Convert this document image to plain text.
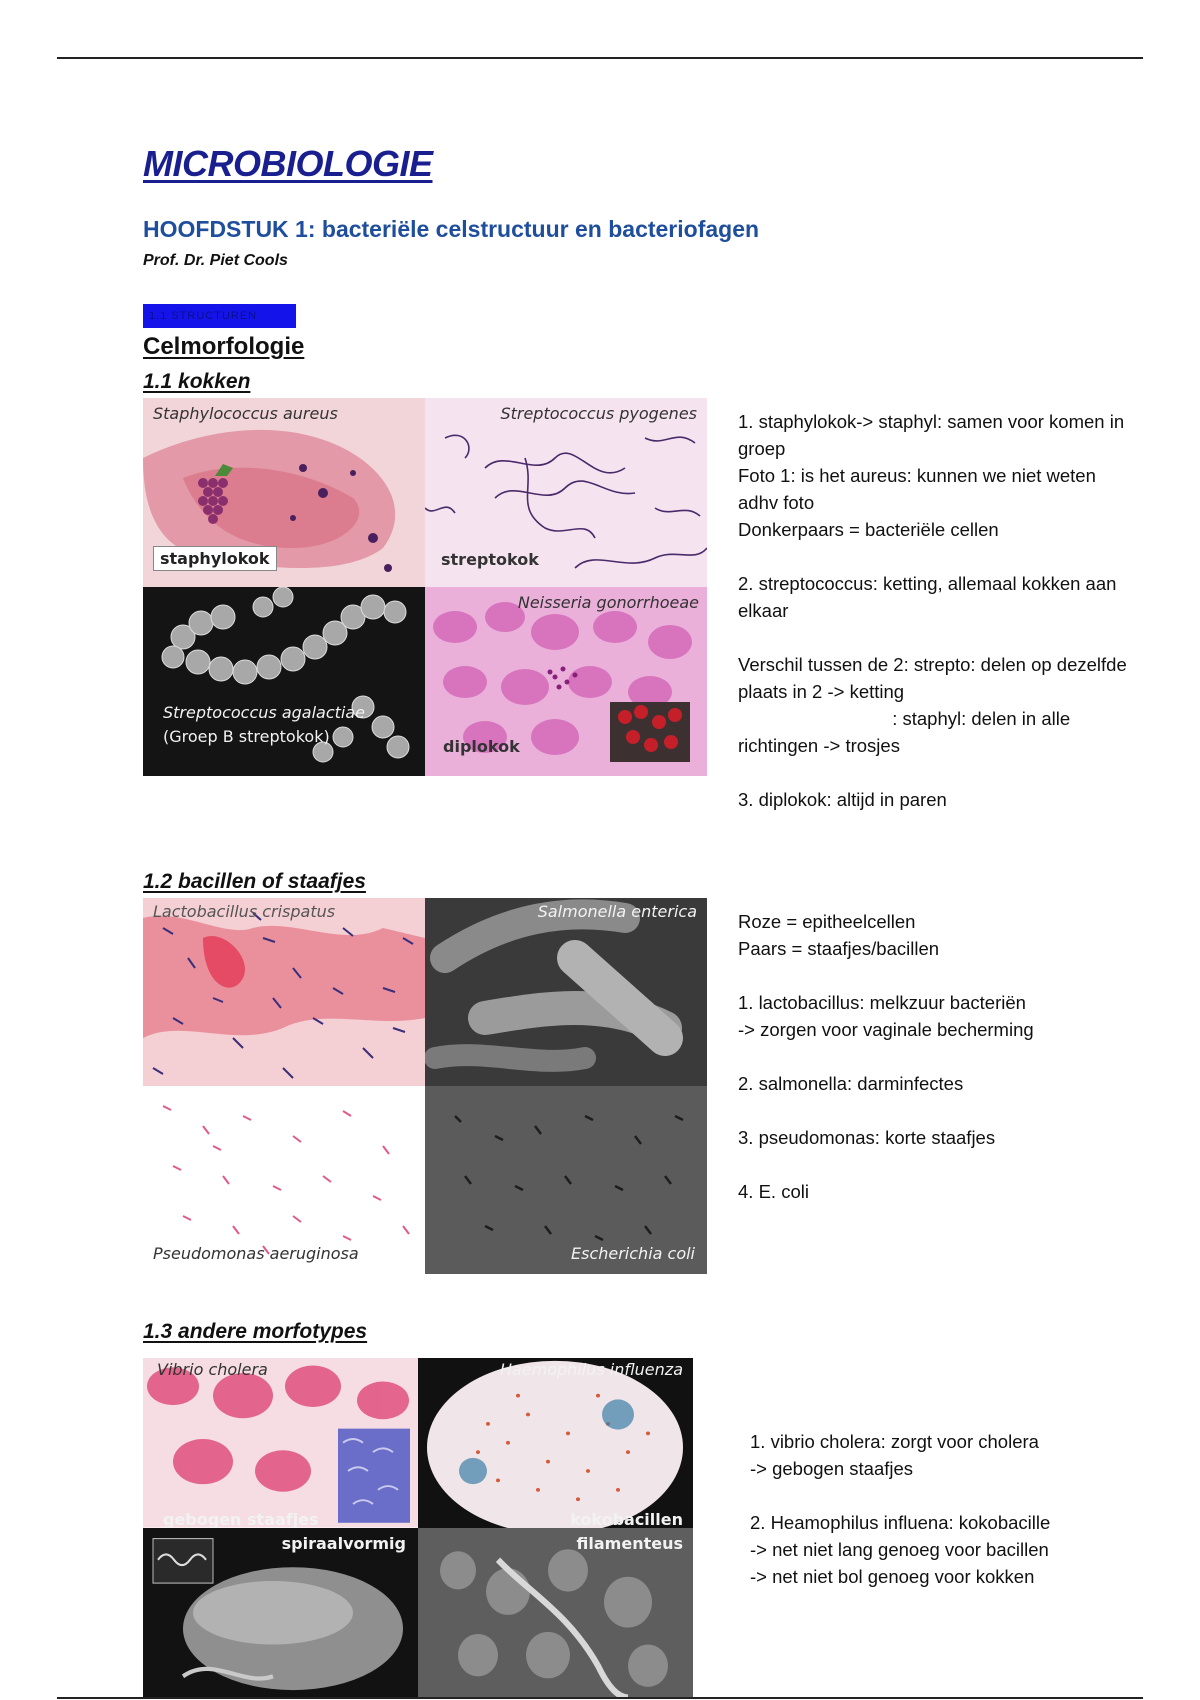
MICROBIOLOGIE
HOOFDSTUK 1: bacteriële celstructuur en bacteriofagen
Prof. Dr. Piet Cools
1.1 STRUCTUREN
Celmorfologie
1.1 kokken
Staphylococcus aureus
staphylokok
Streptococcus pyogenes
streptokok
Streptococcus agalactiae
(Groep B streptokok)
Neisseria gonorrhoeae
diplokok
1. staphylokok-> staphyl: samen voor komen in
groep
Foto 1: is het aureus: kunnen we niet weten
adhv foto
Donkerpaars = bacteriële cellen

2. streptococcus: ketting, allemaal kokken aan
elkaar

Verschil tussen de 2: strepto: delen op dezelfde
plaats in 2 -> ketting
: staphyl: delen in alle
richtingen -> trosjes

3. diplokok: altijd in paren
1.2 bacillen of staafjes
Lactobacillus crispatus	Salmonella enterica
Pseudomonas aeruginosa	Escherichia coli
Roze = epitheelcellen
Paars = staafjes/bacillen

1. lactobacillus: melkzuur bacteriën
-> zorgen voor vaginale becherming

2. salmonella: darminfectes

3. pseudomonas: korte staafjes

4. E. coli
1.3 andere morfotypes
Vibrio cholera
gebogen staafjes
Haemophilus influenza
kokobacillen
spiraalvormig	filamenteus
1. vibrio cholera: zorgt voor cholera
-> gebogen staafjes

2. Heamophilus influena: kokobacille
-> net niet lang genoeg voor bacillen
-> net niet bol genoeg voor kokken
